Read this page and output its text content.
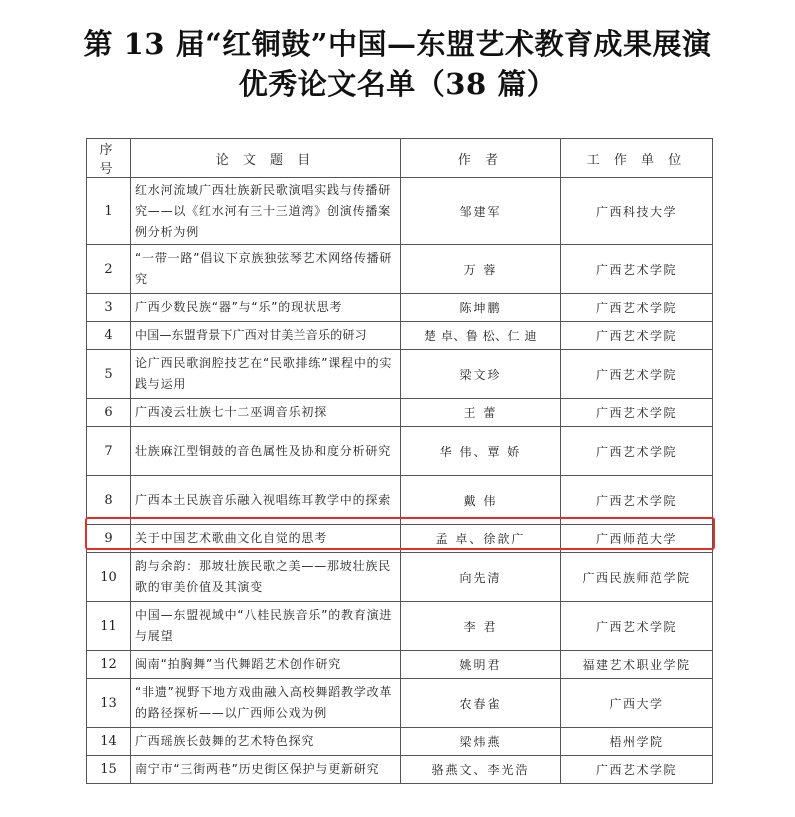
第 13 届“红铜鼓”中国—东盟艺术教育成果展演
优秀论文名单（38 篇）
序号	论 文 题 目	作 者	工 作 单 位
1	红水河流域广西壮族新民歌演唱实践与传播研究——以《红水河有三十三道湾》创演传播案例分析为例	邹建军	广西科技大学
2	“一带一路”倡议下京族独弦琴艺术网络传播研究	万 蓉	广西艺术学院
3	广西少数民族“器”与“乐”的现状思考	陈坤鹏	广西艺术学院
4	中国—东盟背景下广西对甘美兰音乐的研习	楚 卓、鲁 松、仁 迪	广西艺术学院
5	论广西民歌润腔技艺在“民歌排练”课程中的实践与运用	梁文珍	广西艺术学院
6	广西凌云壮族七十二巫调音乐初探	王 蕾	广西艺术学院
7	壮族麻江型铜鼓的音色属性及协和度分析研究	华 伟、覃 娇	广西艺术学院
8	广西本土民族音乐融入视唱练耳教学中的探索	戴 伟	广西艺术学院
9	关于中国艺术歌曲文化自觉的思考	孟 卓、徐歆广	广西师范大学
10	韵与余韵：那坡壮族民歌之美——那坡壮族民歌的审美价值及其演变	向先清	广西民族师范学院
11	中国—东盟视域中“八桂民族音乐”的教育演进与展望	李 君	广西艺术学院
12	闽南“拍胸舞”当代舞蹈艺术创作研究	姚明君	福建艺术职业学院
13	“非遗”视野下地方戏曲融入高校舞蹈教学改革的路径探析——以广西师公戏为例	农春雀	广西大学
14	广西瑶族长鼓舞的艺术特色探究	梁炜燕	梧州学院
15	南宁市“三街两巷”历史街区保护与更新研究	骆燕文、李光浩	广西艺术学院
